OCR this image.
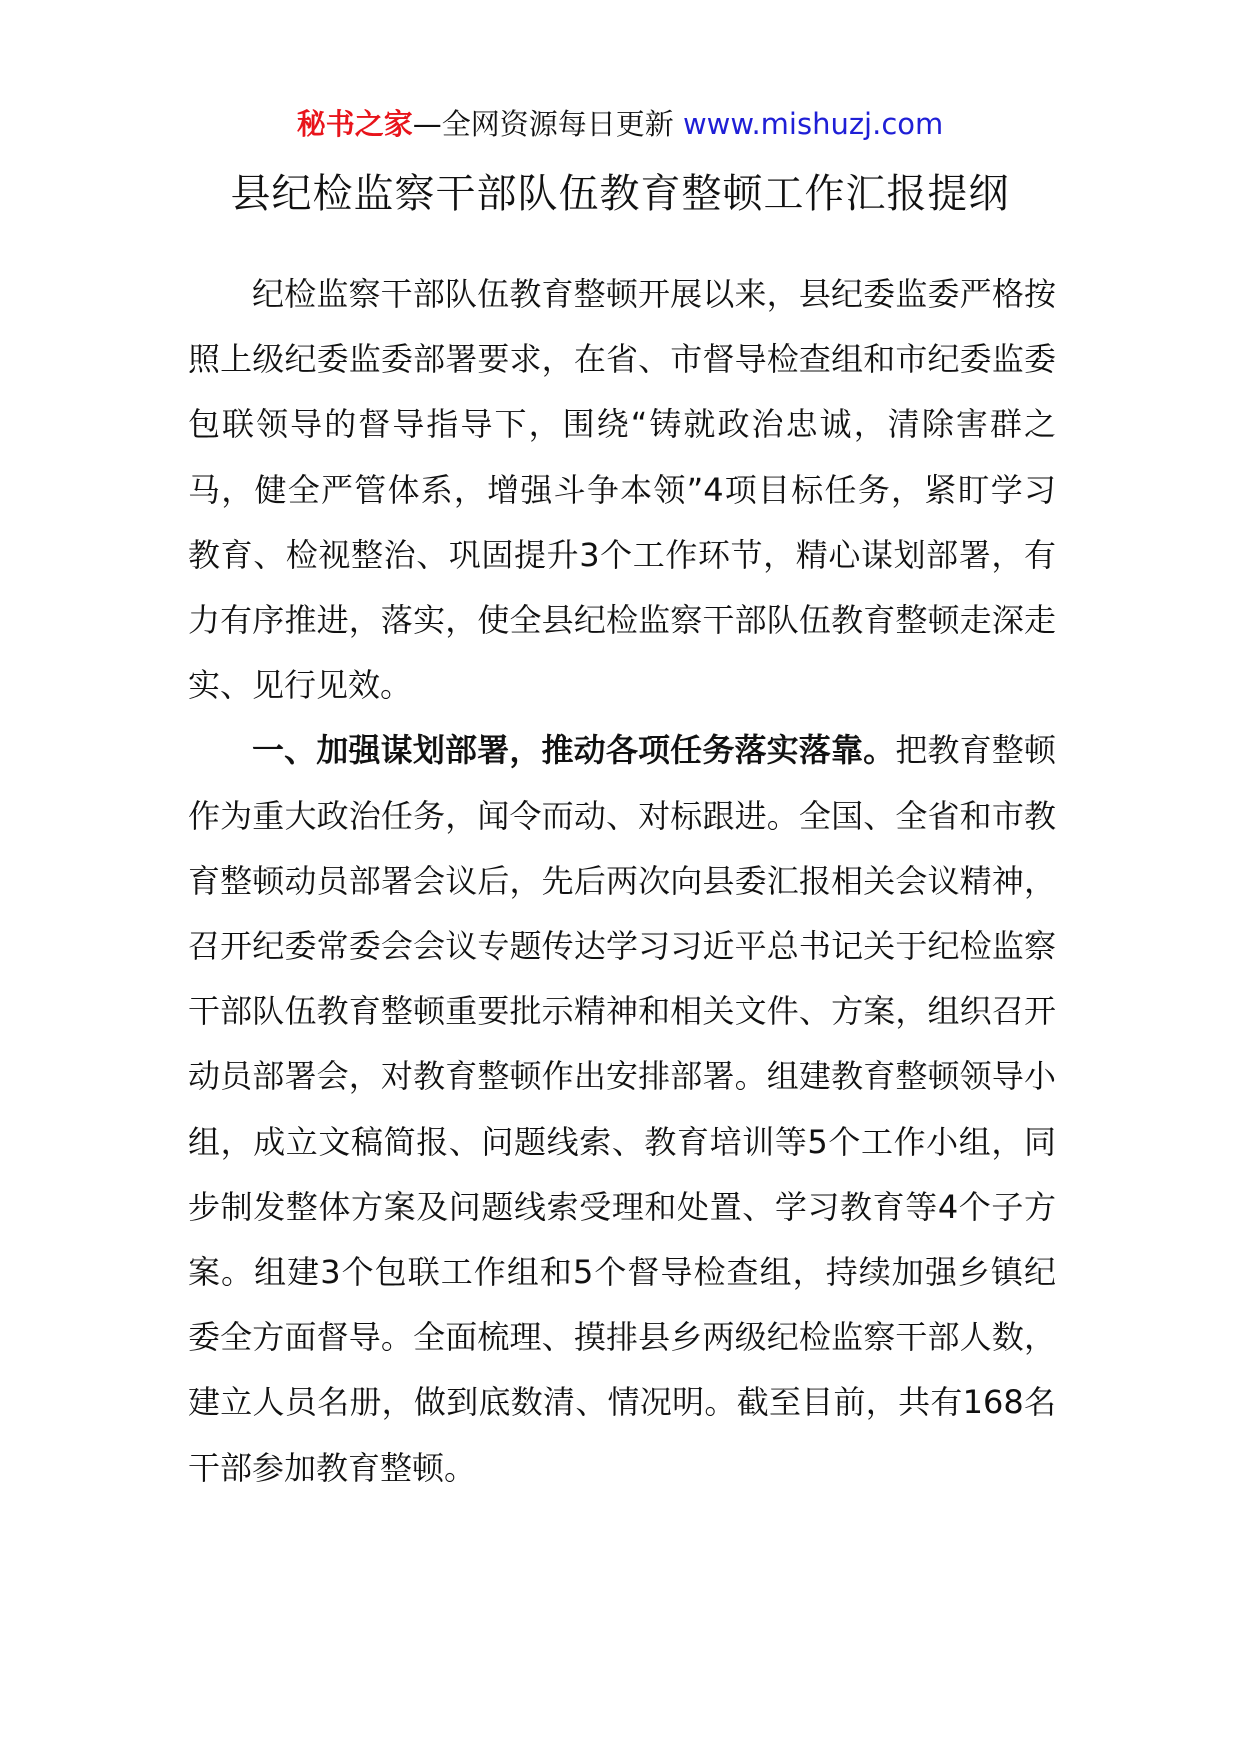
秘书之家—全网资源每日更新 www.mishuzj.com
县纪检监察干部队伍教育整顿工作汇报提纲

纪检监察干部队伍教育整顿开展以来，县纪委监委严格按照上级纪委监委部署要求，在省、市督导检查组和市纪委监委包联领导的督导指导下，围绕“铸就政治忠诚，清除害群之马，健全严管体系，增强斗争本领”4项目标任务，紧盯学习教育、检视整治、巩固提升3个工作环节，精心谋划部署，有力有序推进，落实，使全县纪检监察干部队伍教育整顿走深走实、见行见效。

一、加强谋划部署，推动各项任务落实落靠。把教育整顿作为重大政治任务，闻令而动、对标跟进。全国、全省和市教育整顿动员部署会议后，先后两次向县委汇报相关会议精神，召开纪委常委会会议专题传达学习习近平总书记关于纪检监察干部队伍教育整顿重要批示精神和相关文件、方案，组织召开动员部署会，对教育整顿作出安排部署。组建教育整顿领导小组，成立文稿简报、问题线索、教育培训等5个工作小组，同步制发整体方案及问题线索受理和处置、学习教育等4个子方案。组建3个包联工作组和5个督导检查组，持续加强乡镇纪委全方面督导。全面梳理、摸排县乡两级纪检监察干部人数，建立人员名册，做到底数清、情况明。截至目前，共有168名干部参加教育整顿。
